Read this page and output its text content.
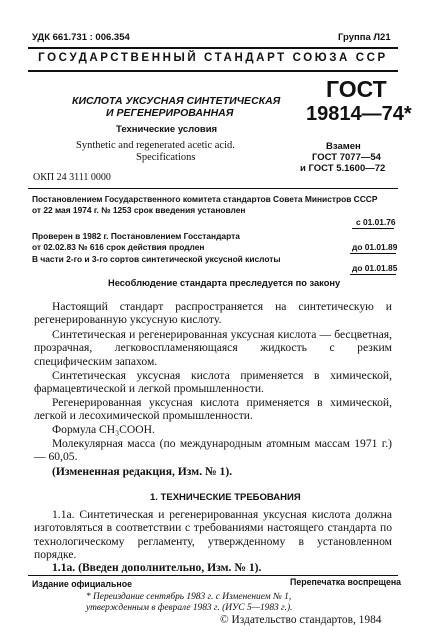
УДК 661.731 : 006.354	Группа Л21
ГОСУДАРСТВЕННЫЙ СТАНДАРТ СОЮЗА ССР
КИСЛОТА УКСУСНАЯ СИНТЕТИЧЕСКАЯ
И РЕГЕНЕРИРОВАННАЯ
Технические условия
Synthetic and regenerated acetic acid.
Specifications
ГОСТ
19814—74*
Взамен
ГОСТ 7077—54
и ГОСТ 5.1600—72
ОКП 24 3111 0000
Постановлением Государственного комитета стандартов Совета Министров СССР
от 22 мая 1974 г. № 1253 срок введения установлен
с 01.01.76
Проверен в 1982 г. Постановлением Госстандарта
от 02.02.83 № 616 срок действия продлен	до 01.01.89
В части 2-го и 3-го сортов синтетической уксусной кислоты
до 01.01.85
Несоблюдение стандарта преследуется по закону
Настоящий стандарт распространяется на синтетическую и регенерированную уксусную кислоту.
Синтетическая и регенерированная уксусная кислота — бесцветная, прозрачная, легковоспламеняющаяся жидкость с резким специфическим запахом.
Синтетическая уксусная кислота применяется в химической, фармацевтической и легкой промышленности.
Регенерированная уксусная кислота применяется в химической, легкой и лесохимической промышленности.
Формула CH₃COOH.
Молекулярная масса (по международным атомным массам 1971 г.) — 60,05.
(Измененная редакция, Изм. № 1).
1. ТЕХНИЧЕСКИЕ ТРЕБОВАНИЯ
1.1а. Синтетическая и регенерированная уксусная кислота должна изготовляться в соответствии с требованиями настоящего стандарта по технологическому регламенту, утвержденному в установленном порядке.
1.1а. (Введен дополнительно, Изм. № 1).
Издание официальное	Перепечатка воспрещена
* Переиздание сентябрь 1983 г. с Изменением № 1,
утвержденным в феврале 1983 г. (ИУС 5—1983 г.).
© Издательство стандартов, 1984
